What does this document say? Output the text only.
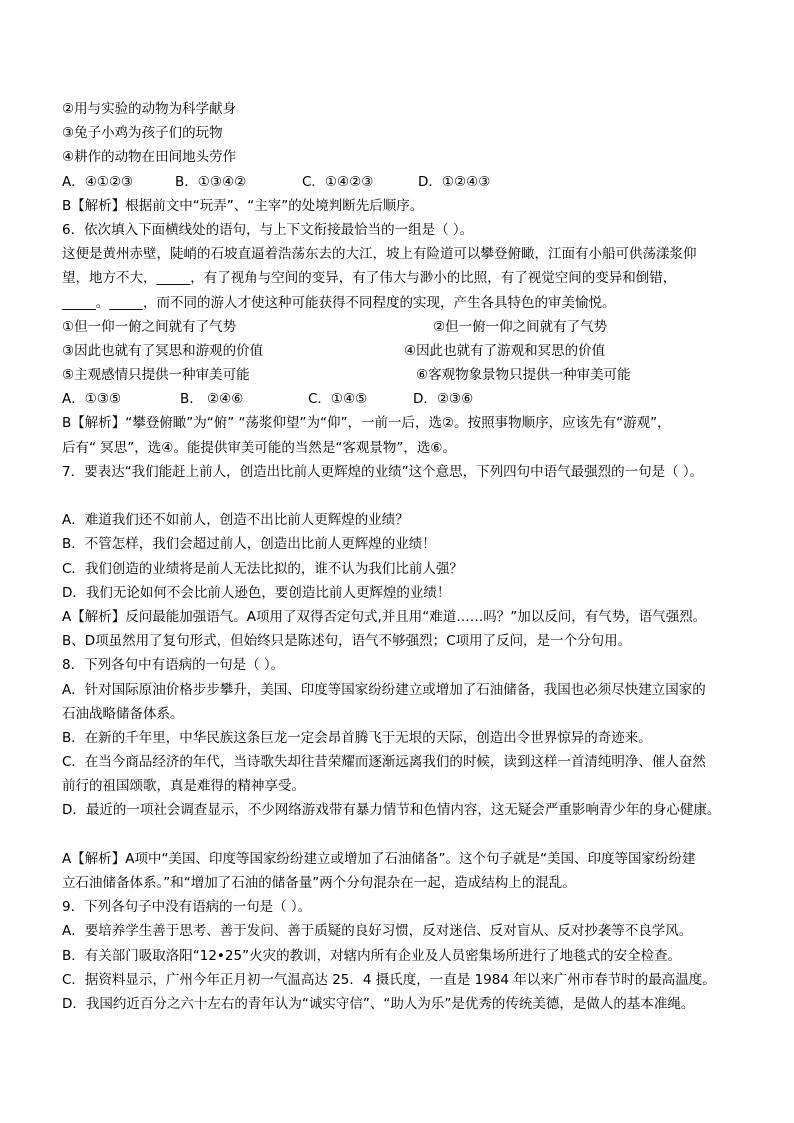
②用与实验的动物为科学献身
③兔子小鸡为孩子们的玩物
④耕作的动物在田间地头劳作
A．④①②③	B．①③④②	C．①④②③	D．①②④③
B【解析】根据前文中“玩弄”、“主宰”的处境判断先后顺序。
6．依次填入下面横线处的语句，与上下文衔接最恰当的一组是（ ）。
这便是黄州赤壁，陡峭的石坡直逼着浩荡东去的大江，坡上有险道可以攀登俯瞰，江面有小船可供荡漾浆仰
望，地方不大，_____，有了视角与空间的变异，有了伟大与渺小的比照，有了视觉空间的变异和倒错，
_____。_____，而不同的游人才使这种可能获得不同程度的实现，产生各具特色的审美愉悦。
①但一仰一俯之间就有了气势	②但一俯一仰之间就有了气势
③因此也就有了冥思和游观的价值	④因此也就有了游观和冥思的价值
⑤主观感情只提供一种审美可能	⑥客观物象景物只提供一种审美可能
A．①③⑤	B． ②④⑥	C．①④⑤	D．②③⑥
B【解析】“攀登俯瞰”为“俯” “荡浆仰望”为“仰”，一前一后，选②。按照事物顺序，应该先有“游观”，
后有“ 冥思”，选④。能提供审美可能的当然是“客观景物”，选⑥。
7．要表达“我们能赶上前人，创造出比前人更辉煌的业绩”这个意思，下列四句中语气最强烈的一句是（ ）。
A．难道我们还不如前人，创造不出比前人更辉煌的业绩？
B．不管怎样，我们会超过前人，创造出比前人更辉煌的业绩！
C．我们创造的业绩将是前人无法比拟的，谁不认为我们比前人强？
D．我们无论如何不会比前人逊色，要创造比前人更辉煌的业绩！
A【解析】反问最能加强语气。A项用了双得否定句式,并且用“难道……吗？”加以反问，有气势，语气强烈。
B、D项虽然用了复句形式，但始终只是陈述句，语气不够强烈；C项用了反问，是一个分句用。
8．下列各句中有语病的一句是（ ）。
A．针对国际原油价格步步攀升，美国、印度等国家纷纷建立或增加了石油储备，我国也必须尽快建立国家的
石油战略储备体系。
B．在新的千年里，中华民族这条巨龙一定会昂首腾飞于无垠的天际，创造出令世界惊异的奇迹来。
C．在当今商品经济的年代，当诗歌失却往昔荣耀而逐渐远离我们的时候，读到这样一首清纯明净、催人奋然
前行的祖国颂歌，真是难得的精神享受。
D．最近的一项社会调查显示，不少网络游戏带有暴力情节和色情内容，这无疑会严重影响青少年的身心健康。
A【解析】A项中“美国、印度等国家纷纷建立或增加了石油储备”。这个句子就是“美国、印度等国家纷纷建
立石油储备体系。”和“增加了石油的储备量”两个分句混杂在一起，造成结构上的混乱。
9．下列各句子中没有语病的一句是（ ）。
A．要培养学生善于思考、善于发问、善于质疑的良好习惯，反对迷信、反对盲从、反对抄袭等不良学风。
B．有关部门吸取洛阳“12•25”火灾的教训，对辖内所有企业及人员密集场所进行了地毯式的安全检查。
C．据资料显示，广州今年正月初一气温高达 25．4 摄氏度，一直是 1984 年以来广州市春节时的最高温度。
D．我国约近百分之六十左右的青年认为“诚实守信”、“助人为乐”是优秀的传统美德，是做人的基本准绳。
